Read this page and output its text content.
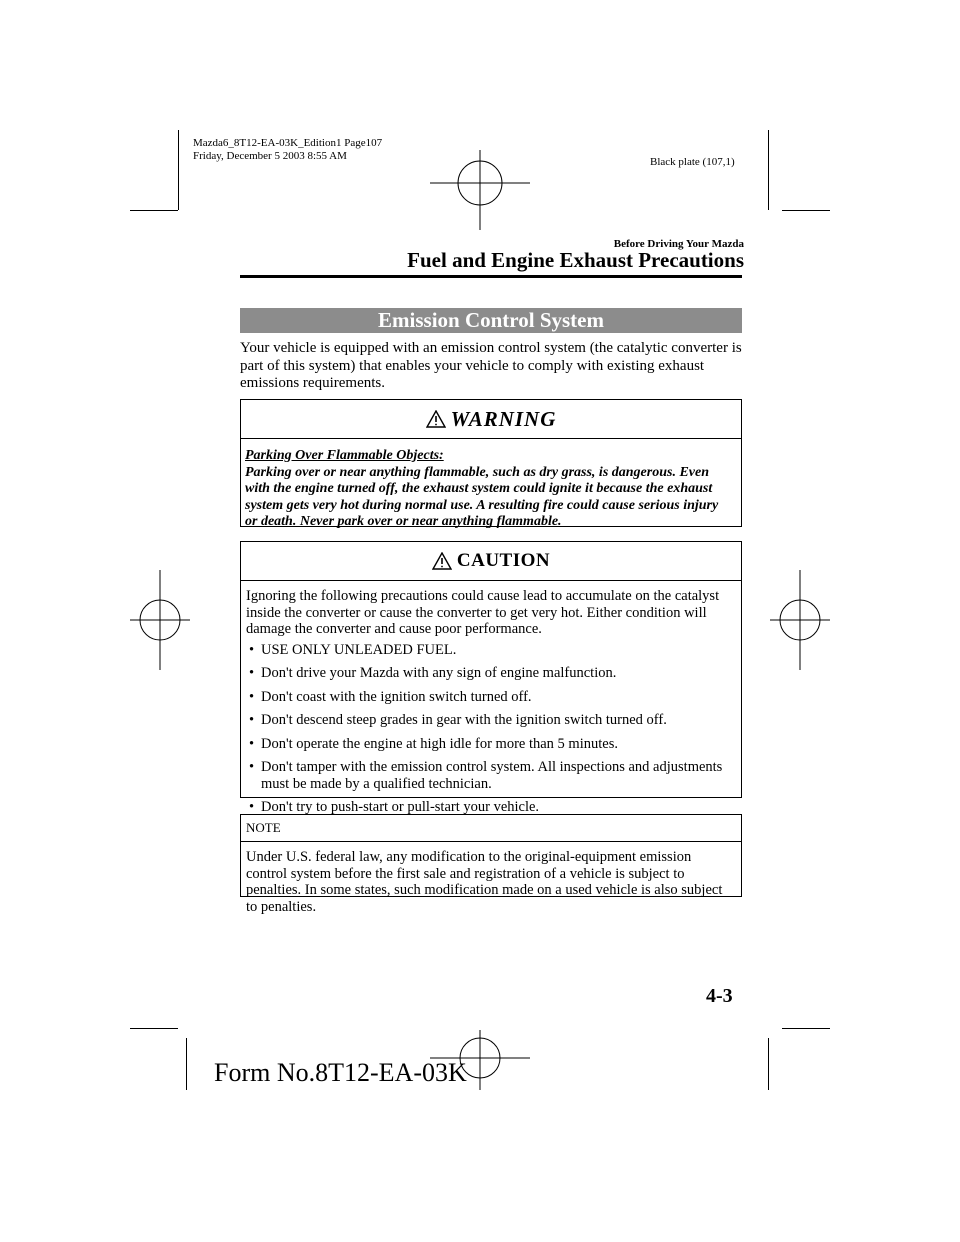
Mazda6_8T12-EA-03K_Edition1 Page107
Friday, December 5 2003 8:55 AM	Black plate (107,1)
Before Driving Your Mazda
Fuel and Engine Exhaust Precautions
Emission Control System
Your vehicle is equipped with an emission control system (the catalytic converter is part of this system) that enables your vehicle to comply with existing exhaust emissions requirements.
WARNING
Parking Over Flammable Objects:
Parking over or near anything flammable, such as dry grass, is dangerous. Even with the engine turned off, the exhaust system could ignite it because the exhaust system gets very hot during normal use. A resulting fire could cause serious injury or death. Never park over or near anything flammable.
CAUTION
Ignoring the following precautions could cause lead to accumulate on the catalyst inside the converter or cause the converter to get very hot. Either condition will damage the converter and cause poor performance.
• USE ONLY UNLEADED FUEL.
• Don't drive your Mazda with any sign of engine malfunction.
• Don't coast with the ignition switch turned off.
• Don't descend steep grades in gear with the ignition switch turned off.
• Don't operate the engine at high idle for more than 5 minutes.
• Don't tamper with the emission control system. All inspections and adjustments must be made by a qualified technician.
• Don't try to push-start or pull-start your vehicle.
NOTE
Under U.S. federal law, any modification to the original-equipment emission control system before the first sale and registration of a vehicle is subject to penalties. In some states, such modification made on a used vehicle is also subject to penalties.
4-3
Form No.8T12-EA-03K
